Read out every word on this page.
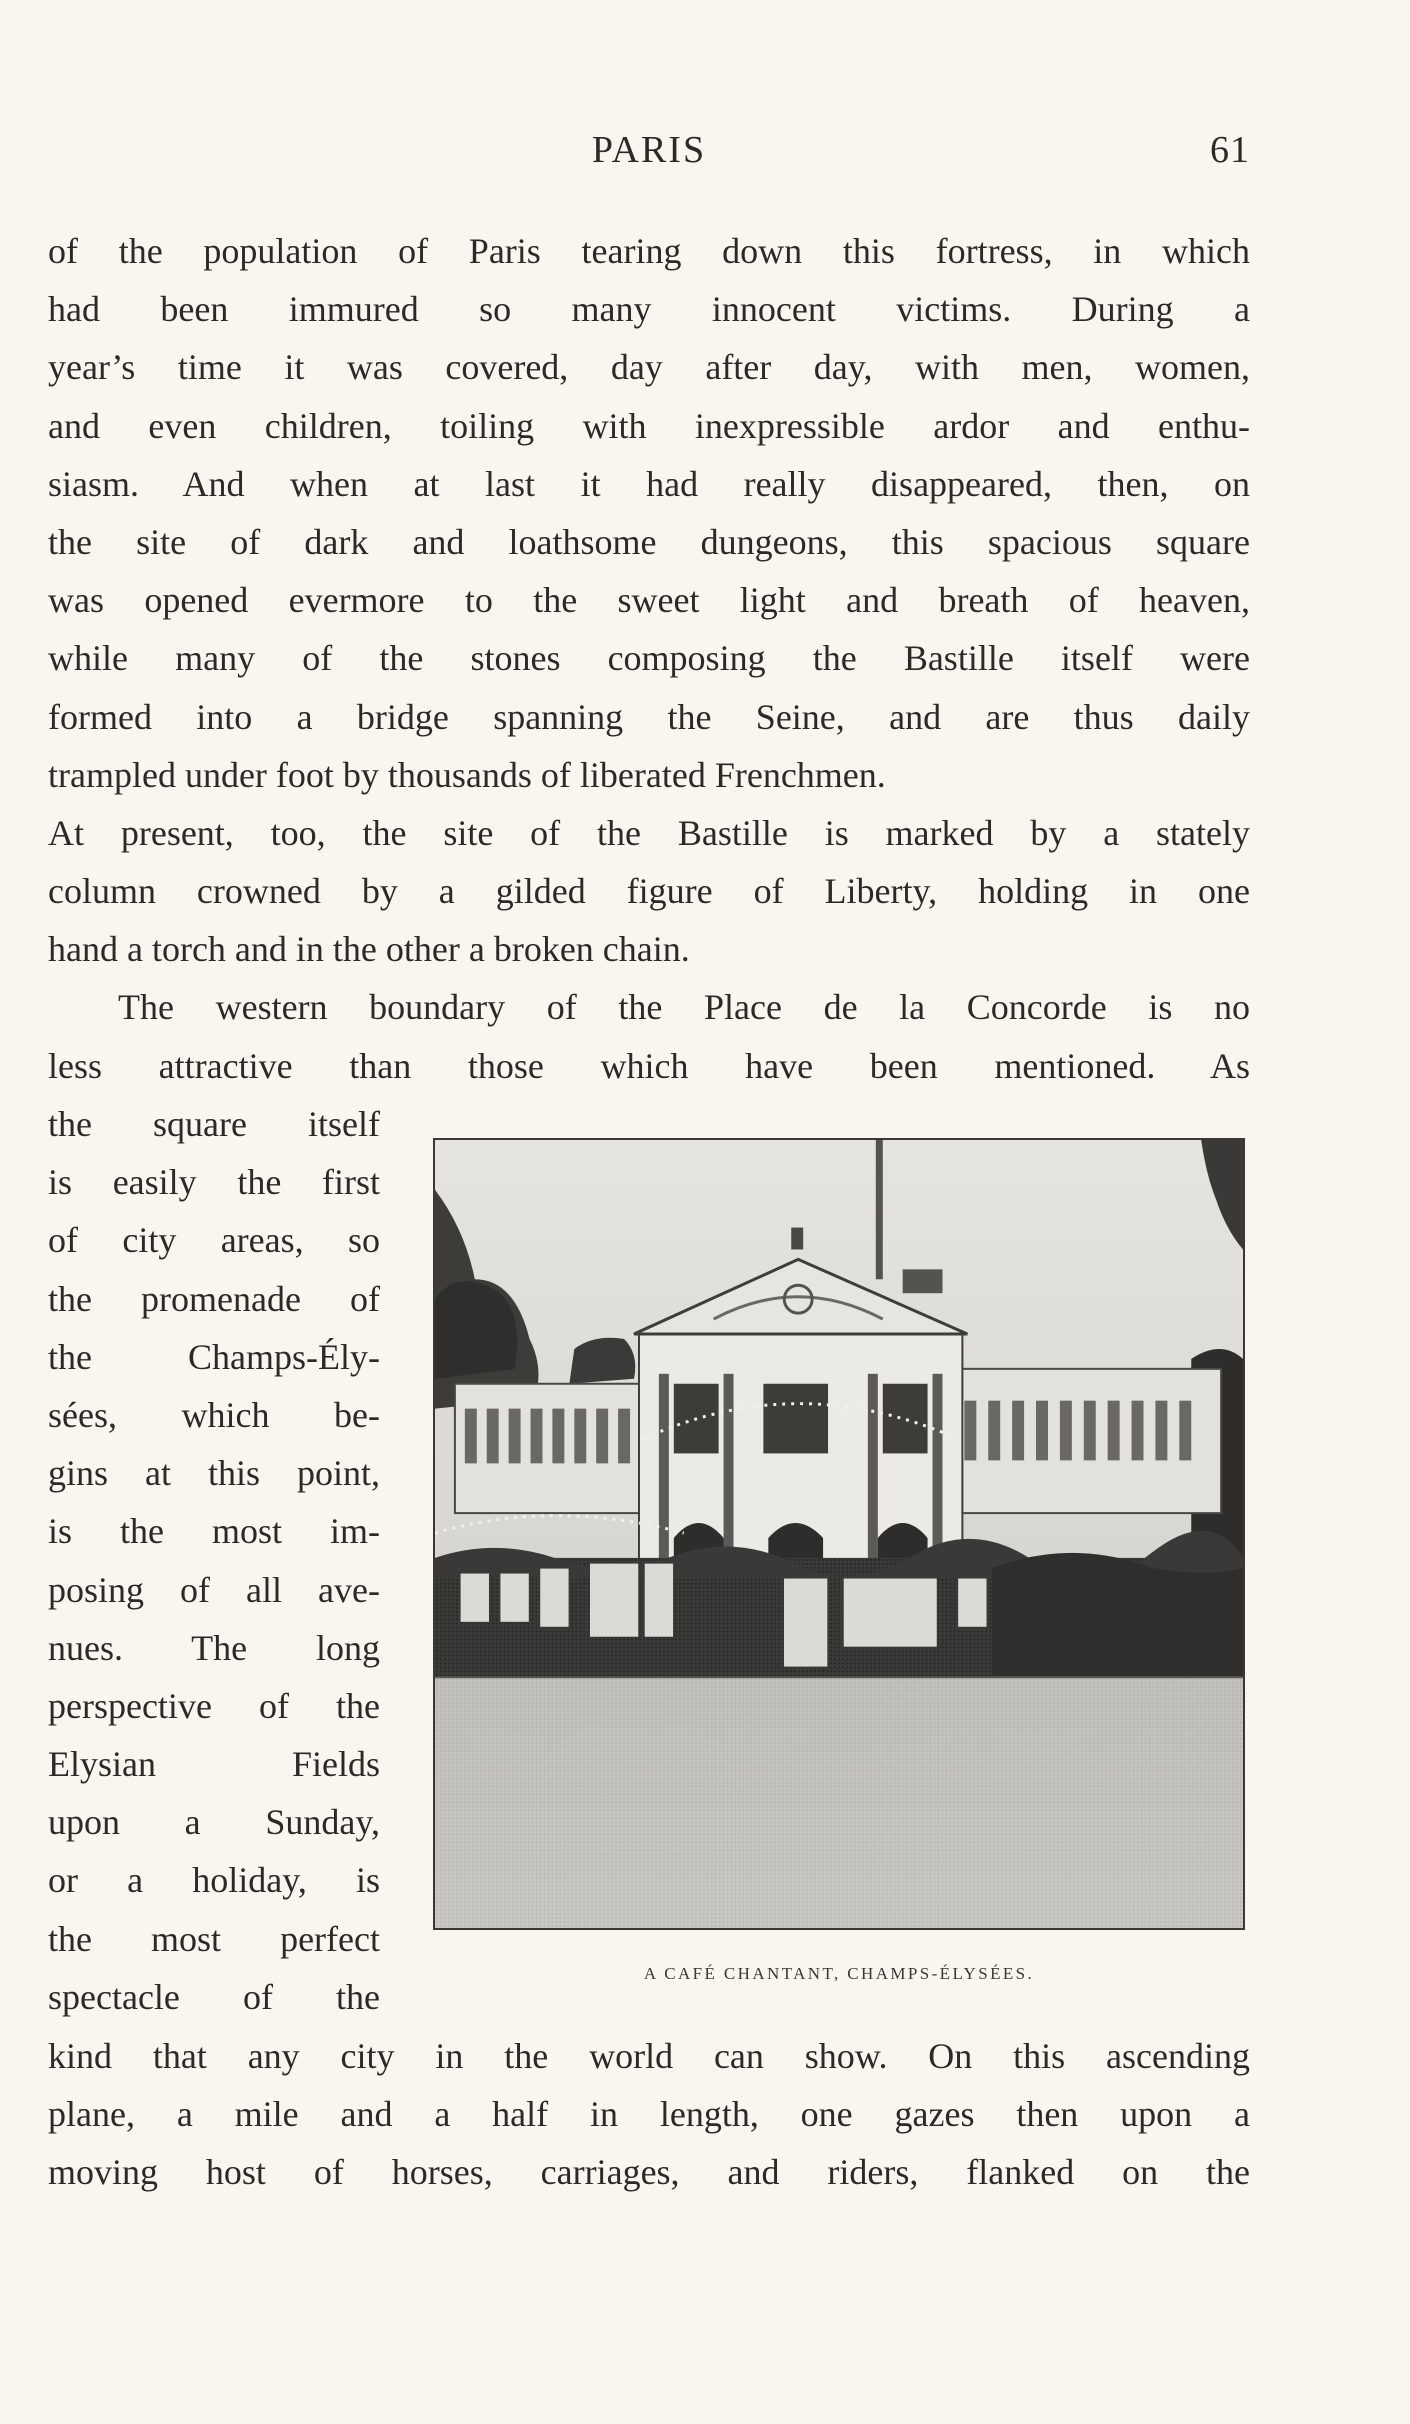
PARIS	61
of the population of Paris tearing down this fortress, in which
had been immured so many innocent victims. During a
year’s time it was covered, day after day, with men, women,
and even children, toiling with inexpressible ardor and enthu-
siasm. And when at last it had really disappeared, then, on
the site of dark and loathsome dungeons, this spacious square
was opened evermore to the sweet light and breath of heaven,
while many of the stones composing the Bastille itself were
formed into a bridge spanning the Seine, and are thus daily
trampled under foot by thousands of liberated Frenchmen.
At present, too, the site of the Bastille is marked by a stately
column crowned by a gilded figure of Liberty, holding in one
hand a torch and in the other a broken chain.
The western boundary of the Place de la Concorde is no
less attractive than those which have been mentioned. As
the square itself
is easily the first
of city areas, so
the promenade of
the Champs-Ély-
sées, which be-
gins at this point,
is the most im-
posing of all ave-
nues. The long
perspective of the
Elysian Fields
upon a Sunday,
or a holiday, is
the most perfect
spectacle of the
A CAFÉ CHANTANT, CHAMPS-ÉLYSÉES.
kind that any city in the world can show. On this ascending
plane, a mile and a half in length, one gazes then upon a
moving host of horses, carriages, and riders, flanked on the
